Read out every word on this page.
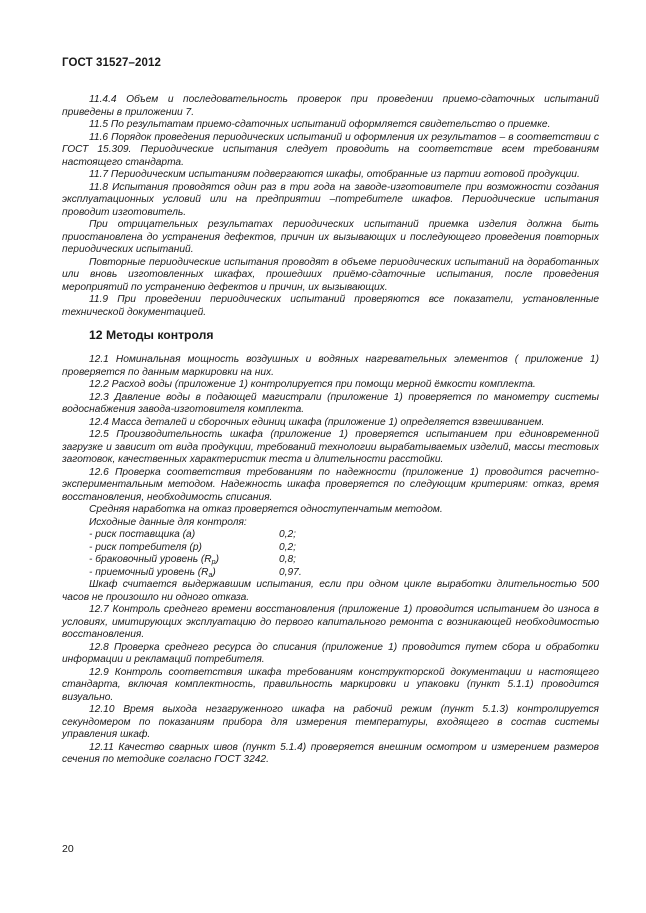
ГОСТ 31527–2012

11.4.4 Объем и последовательность проверок при проведении приемо-сдаточных испытаний приведены в приложении 7.

11.5 По результатам приемо-сдаточных испытаний оформляется свидетельство о приемке.

11.6 Порядок проведения периодических испытаний и оформления их результатов – в соответствии с ГОСТ 15.309. Периодические испытания следует проводить на соответствие всем требованиям настоящего стандарта.

11.7 Периодическим испытаниям подвергаются шкафы, отобранные из партии готовой продукции.

11.8 Испытания проводятся один раз в три года на заводе-изготовителе при возможности создания эксплуатационных условий или на предприятии –потребителе шкафов. Периодические испытания проводит изготовитель.

При отрицательных результатах периодических испытаний приемка изделия должна быть приостановлена до устранения дефектов, причин их вызывающих и последующего проведения повторных периодических испытаний.

Повторные периодические испытания проводят в объеме периодических испытаний на доработанных или вновь изготовленных шкафах, прошедших приёмо-сдаточные испытания, после проведения мероприятий по устранению дефектов и причин, их вызывающих.

11.9 При проведении периодических испытаний проверяются все показатели, установленные технической документацией.

12 Методы контроля

12.1 Номинальная мощность воздушных и водяных нагревательных элементов ( приложение 1) проверяется по данным маркировки на них.

12.2 Расход воды (приложение 1) контролируется при помощи мерной ёмкости комплекта.

12.3 Давление воды в подающей магистрали (приложение 1) проверяется по манометру системы водоснабжения завода-изготовителя комплекта.

12.4 Масса деталей и сборочных единиц шкафа (приложение 1) определяется взвешиванием.

12.5 Производительность шкафа (приложение 1) проверяется испытанием при единовременной загрузке и зависит от вида продукции, требований технологии вырабатываемых изделий, массы тестовых заготовок, качественных характеристик теста и длительности расстойки.

12.6 Проверка соответствия требованиям по надежности (приложение 1) проводится расчетно-экспериментальным методом. Надежность шкафа проверяется по следующим критериям: отказ, время восстановления, необходимость списания.

Средняя наработка на отказ проверяется одноступенчатым методом.

Исходные данные для контроля:

- риск поставщика (a)	0,2;
- риск потребителя (p)	0,2;
- браковочный уровень $(R_p)$	0,8;
- приемочный уровень $(R_a)$	0,97.

Шкаф считается выдержавшим испытания, если при одном цикле выработки длительностью 500 часов не произошло ни одного отказа.

12.7 Контроль среднего времени восстановления (приложение 1) проводится испытанием до износа в условиях, имитирующих эксплуатацию до первого капитального ремонта с возникающей необходимостью восстановления.

12.8 Проверка среднего ресурса до списания (приложение 1) проводится путем сбора и обработки информации и рекламаций потребителя.

12.9 Контроль соответствия шкафа требованиям конструкторской документации и настоящего стандарта, включая комплектность, правильность маркировки и упаковки (пункт 5.1.1) проводится визуально.

12.10 Время выхода незагруженного шкафа на рабочий режим (пункт 5.1.3) контролируется секундомером по показаниям прибора для измерения температуры, входящего в состав системы управления шкаф.

12.11 Качество сварных швов (пункт 5.1.4) проверяется внешним осмотром и измерением размеров сечения по методике согласно ГОСТ 3242.

20
